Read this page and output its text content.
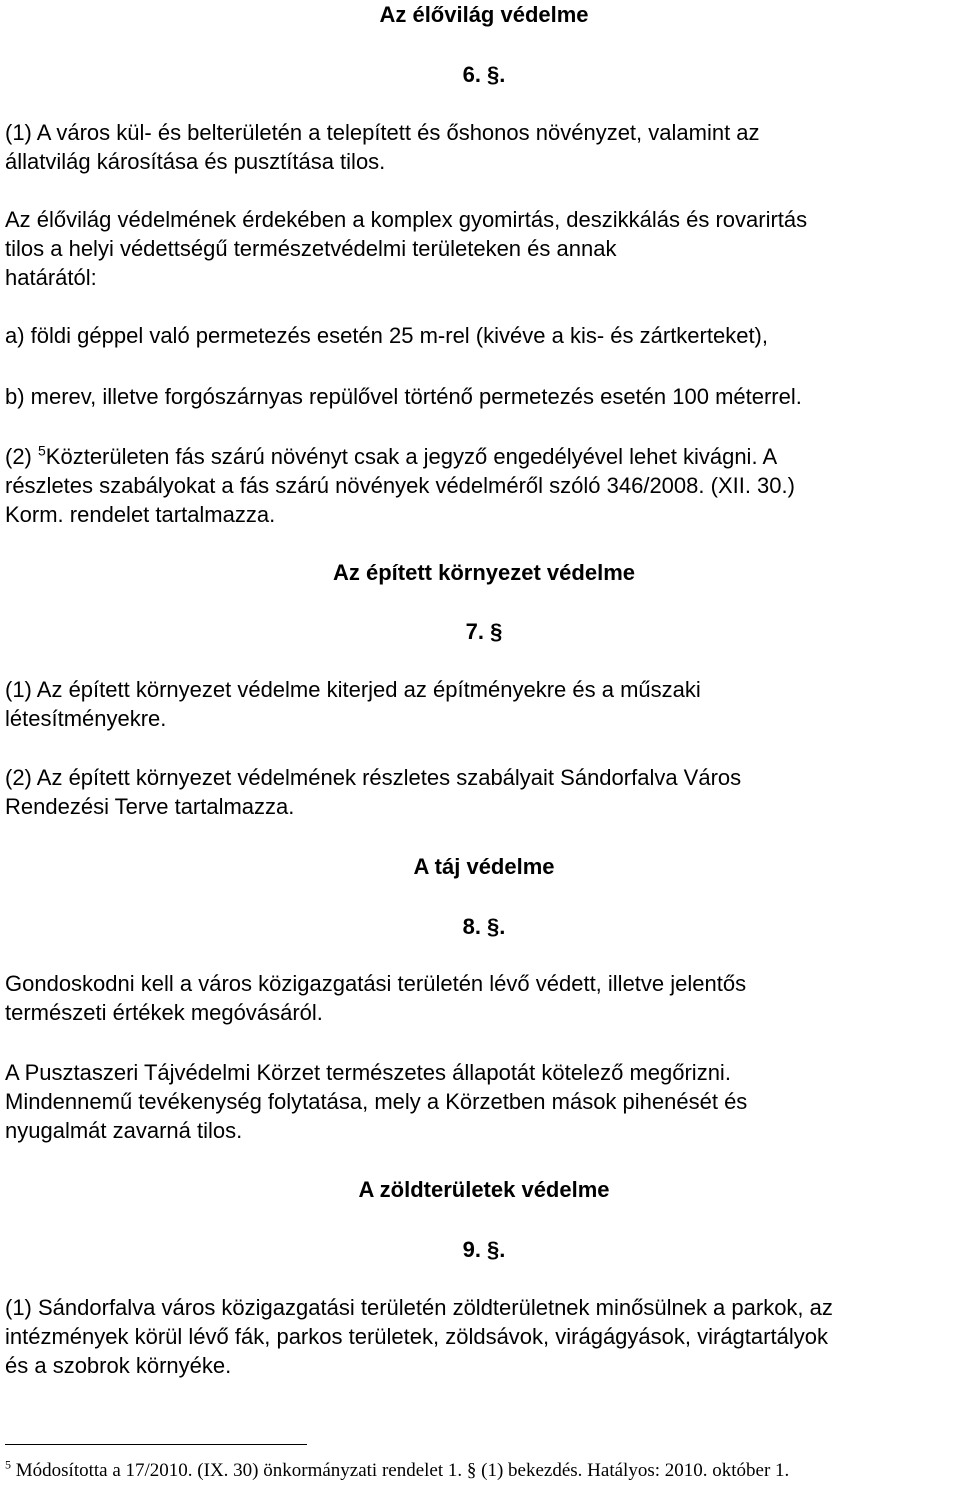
Az élővilág védelme

6. §.

(1) A város kül- és belterületén a telepített és őshonos növényzet, valamint az

állatvilág károsítása és pusztítása tilos.

Az élővilág védelmének érdekében a komplex gyomirtás, deszikkálás és rovarirtás

tilos a helyi védettségű természetvédelmi területeken és annak

határától:

a) földi géppel való permetezés esetén 25 m-rel (kivéve a kis- és zártkerteket),

b) merev, illetve forgószárnyas repülővel történő permetezés esetén 100 méterrel.

(2) $^5$Közterületen fás szárú növényt csak a jegyző engedélyével lehet kivágni. A

részletes szabályokat a fás szárú növények védelméről szóló 346/2008. (XII. 30.)

Korm. rendelet tartalmazza.

Az épített környezet védelme

7. §

(1) Az épített környezet védelme kiterjed az építményekre és a műszaki

létesítményekre.

(2) Az épített környezet védelmének részletes szabályait Sándorfalva Város

Rendezési Terve tartalmazza.

A táj védelme

8. §.

Gondoskodni kell a város közigazgatási területén lévő védett, illetve jelentős

természeti értékek megóvásáról.

A Pusztaszeri Tájvédelmi Körzet természetes állapotát kötelező megőrizni.

Mindennemű tevékenység folytatása, mely a Körzetben mások pihenését és

nyugalmát zavarná tilos.

A zöldterületek védelme

9. §.

(1) Sándorfalva város közigazgatási területén zöldterületnek minősülnek a parkok, az

intézmények körül lévő fák, parkos területek, zöldsávok, virágágyások, virágtartályok

és a szobrok környéke.

$^5$ Módosította a 17/2010. (IX. 30) önkormányzati rendelet 1. § (1) bekezdés. Hatályos: 2010. október 1.
